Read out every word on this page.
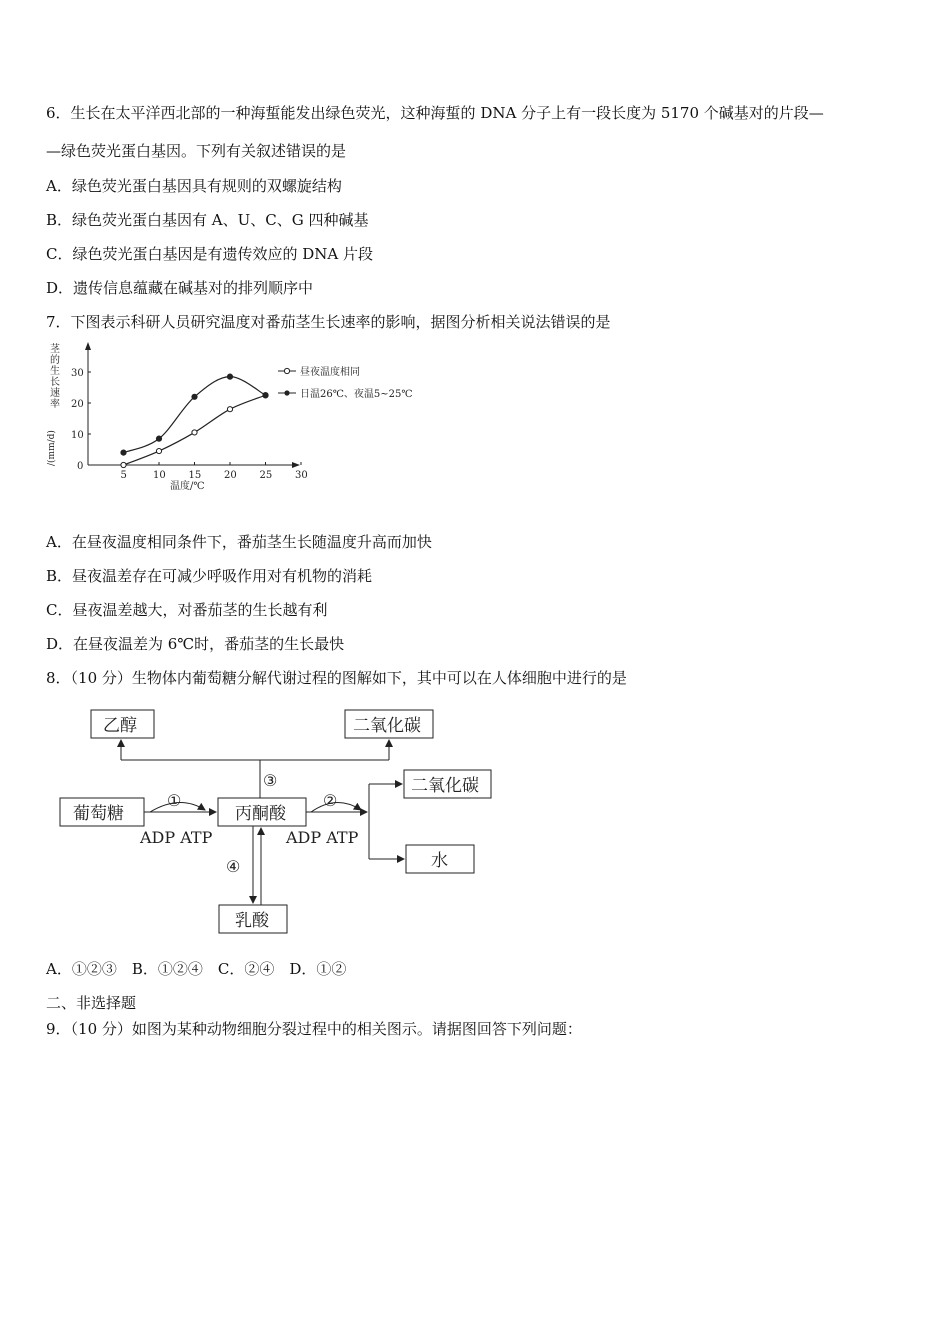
6．生长在太平洋西北部的一种海蜇能发出绿色荧光，这种海蜇的 DNA 分子上有一段长度为 5170 个碱基对的片段—
—绿色荧光蛋白基因。下列有关叙述错误的是
A．绿色荧光蛋白基因具有规则的双螺旋结构
B．绿色荧光蛋白基因有 A、U、C、G 四种碱基
C．绿色荧光蛋白基因是有遗传效应的 DNA 片段
D．遗传信息蕴藏在碱基对的排列顺序中
7．下图表示科研人员研究温度对番茄茎生长速率的影响，据图分析相关说法错误的是
茎的生长速率
5	10 15 20 25 30
0
10
20
30
温度/℃
昼夜温度相同
日温26℃、夜温5~25℃
/(mm/d)
A．在昼夜温度相同条件下，番茄茎生长随温度升高而加快
B．昼夜温差存在可减少呼吸作用对有机物的消耗
C．昼夜温差越大，对番茄茎的生长越有利
D．在昼夜温差为 6℃时，番茄茎的生长最快
8．（10 分）生物体内葡萄糖分解代谢过程的图解如下，其中可以在人体细胞中进行的是
乙醇	二氧化碳
葡萄糖	丙酮酸
二氧化碳
水
乳酸
①
ADP ATP
③
②
ADP ATP
④
A．①②③　B．①②④　C．②④　D．①②
二、非选择题
9．（10 分）如图为某种动物细胞分裂过程中的相关图示。请据图回答下列问题：
